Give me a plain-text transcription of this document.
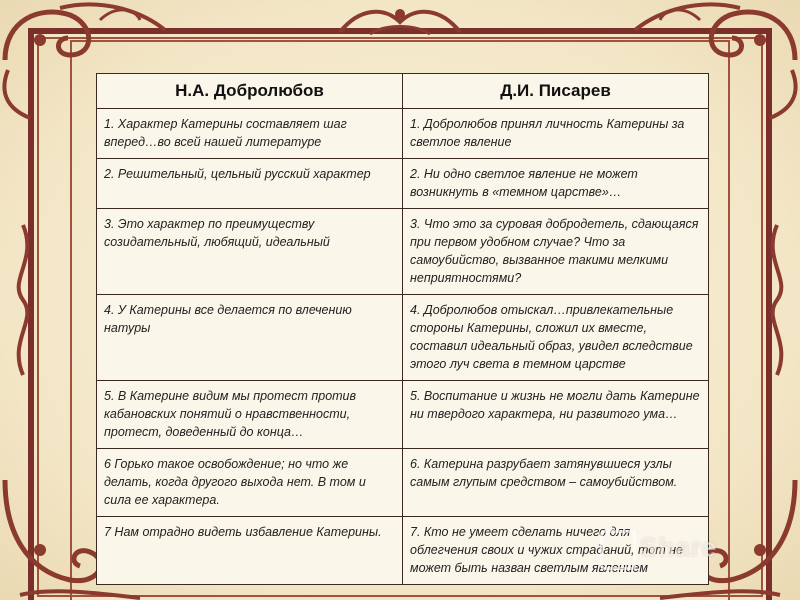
Н.А. Добролюбов	Д.И. Писарев
1. Характер Катерины составляет шаг вперед…во всей нашей литературе	1. Добролюбов принял личность Катерины за светлое явление
2. Решительный, цельный русский характер	2. Ни одно светлое явление не может возникнуть в «темном царстве»…
3. Это характер по преимуществу созидательный, любящий, идеальный	3. Что это за суровая добродетель, сдающаяся при первом удобном случае? Что за самоубийство, вызванное такими мелкими неприятностями?
4. У Катерины все делается по влечению натуры	4. Добролюбов отыскал…привлекательные стороны Катерины, сложил их вместе, составил идеальный образ, увидел вследствие этого луч света в темном царстве
5. В Катерине видим мы протест против кабановских понятий о нравственности, протест, доведенный до конца…	5. Воспитание и жизнь не могли дать Катерине ни твердого характера, ни развитого ума…
6 Горько такое освобождение; но что же делать, когда другого выхода нет. В том и сила ее характера.	6. Катерина разрубает затянувшиеся узлы самым глупым средством – самоубийством.
7 Нам отрадно видеть избавление Катерины.	7. Кто не умеет сделать ничего для облегчения своих и чужих страданий, тот не может быть назван светлым явлением
Share
